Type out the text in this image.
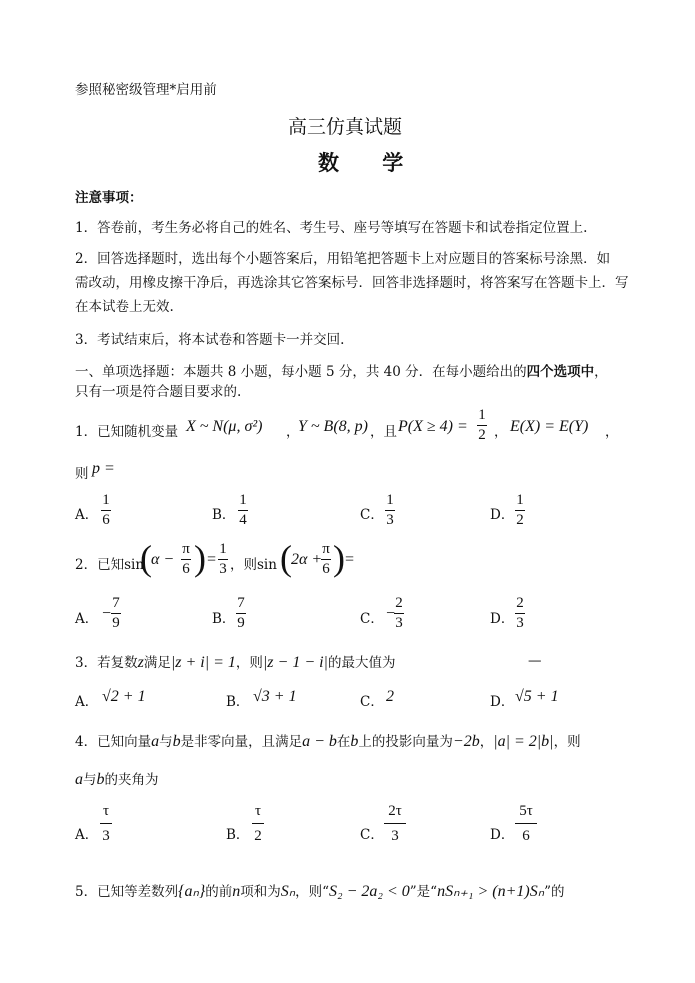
参照秘密级管理*启用前
高三仿真试题
数 学
注意事项：
1．答卷前，考生务必将自己的姓名、考生号、座号等填写在答题卡和试卷指定位置上.
2．回答选择题时，选出每个小题答案后，用铅笔把答题卡上对应题目的答案标号涂黑．如
需改动，用橡皮擦干净后，再选涂其它答案标号．回答非选择题时，将答案写在答题卡上．写
在本试卷上无效.
3．考试结束后，将本试卷和答题卡一并交回.
一、单项选择题：本题共 8 小题，每小题 5 分，共 40 分．在每小题给出的四个选项中，
只有一项是符合题目要求的.
1．已知随机变量 X ~ N(μ, σ²) ，
Y ~ B(8, p) ，且 P(X ≥ 4) =
1
2 ， E(X) = E(Y) ，
则 p =
A．
1
6	B．
1
4	C．
1
3	D．
1
2
2．已知sin
( α −
π
6 ) =
1
3 ，则sin ( 2α +
π
6 ) =
A． −
7
9	B．
7
9	C． −
2
3	D．
2
3
3．若复数z满足|z + i| = 1，则|z − 1 − i|的最大值为	—
A． √2 + 1	B． √3 + 1	C． 2	D． √5 + 1
4．已知向量a与b是非零向量，且满足a − b在b上的投影向量为−2b，|a| = 2|b|，则
a与b的夹角为
A．
τ
3	B．
τ
2	C．
2τ
3	D．
5τ
6
5．已知等差数列{aₙ}的前n项和为Sₙ，则“S₂ − 2a₂ < 0”是“nSₙ₊₁ > (n+1)Sₙ”的
